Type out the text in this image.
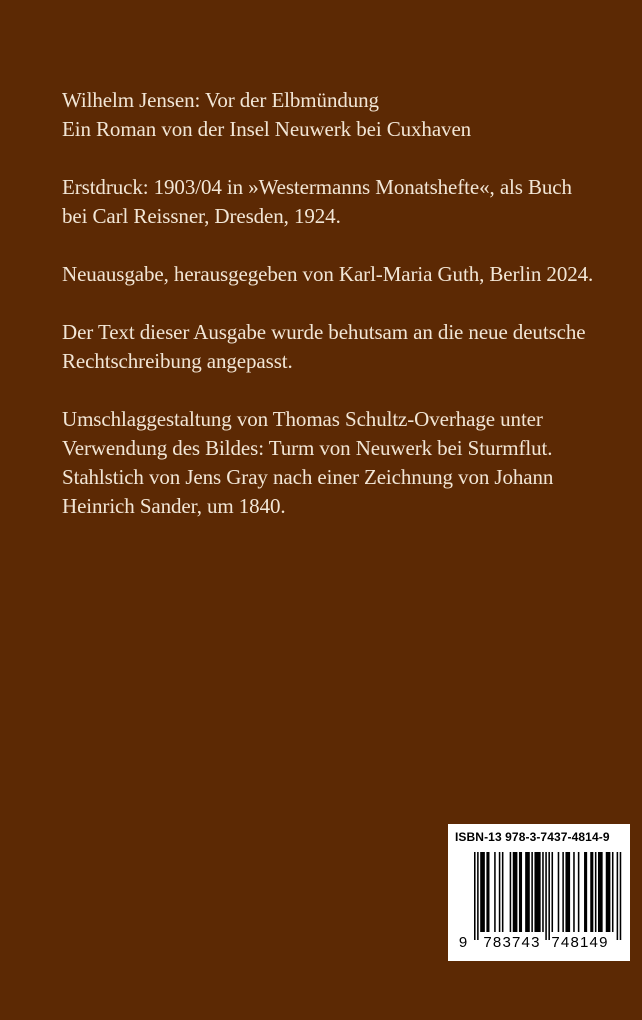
Wilhelm Jensen: Vor der Elbmündung
Ein Roman von der Insel Neuwerk bei Cuxhaven

Erstdruck: 1903/04 in »Westermanns Monatshefte«, als Buch
bei Carl Reissner, Dresden, 1924.

Neuausgabe, herausgegeben von Karl-Maria Guth, Berlin 2024.

Der Text dieser Ausgabe wurde behutsam an die neue deutsche
Rechtschreibung angepasst.

Umschlaggestaltung von Thomas Schultz-Overhage unter
Verwendung des Bildes: Turm von Neuwerk bei Sturmflut.
Stahlstich von Jens Gray nach einer Zeichnung von Johann
Heinrich Sander, um 1840.

9 783743 748149
ISBN-13 978-3-7437-4814-9
